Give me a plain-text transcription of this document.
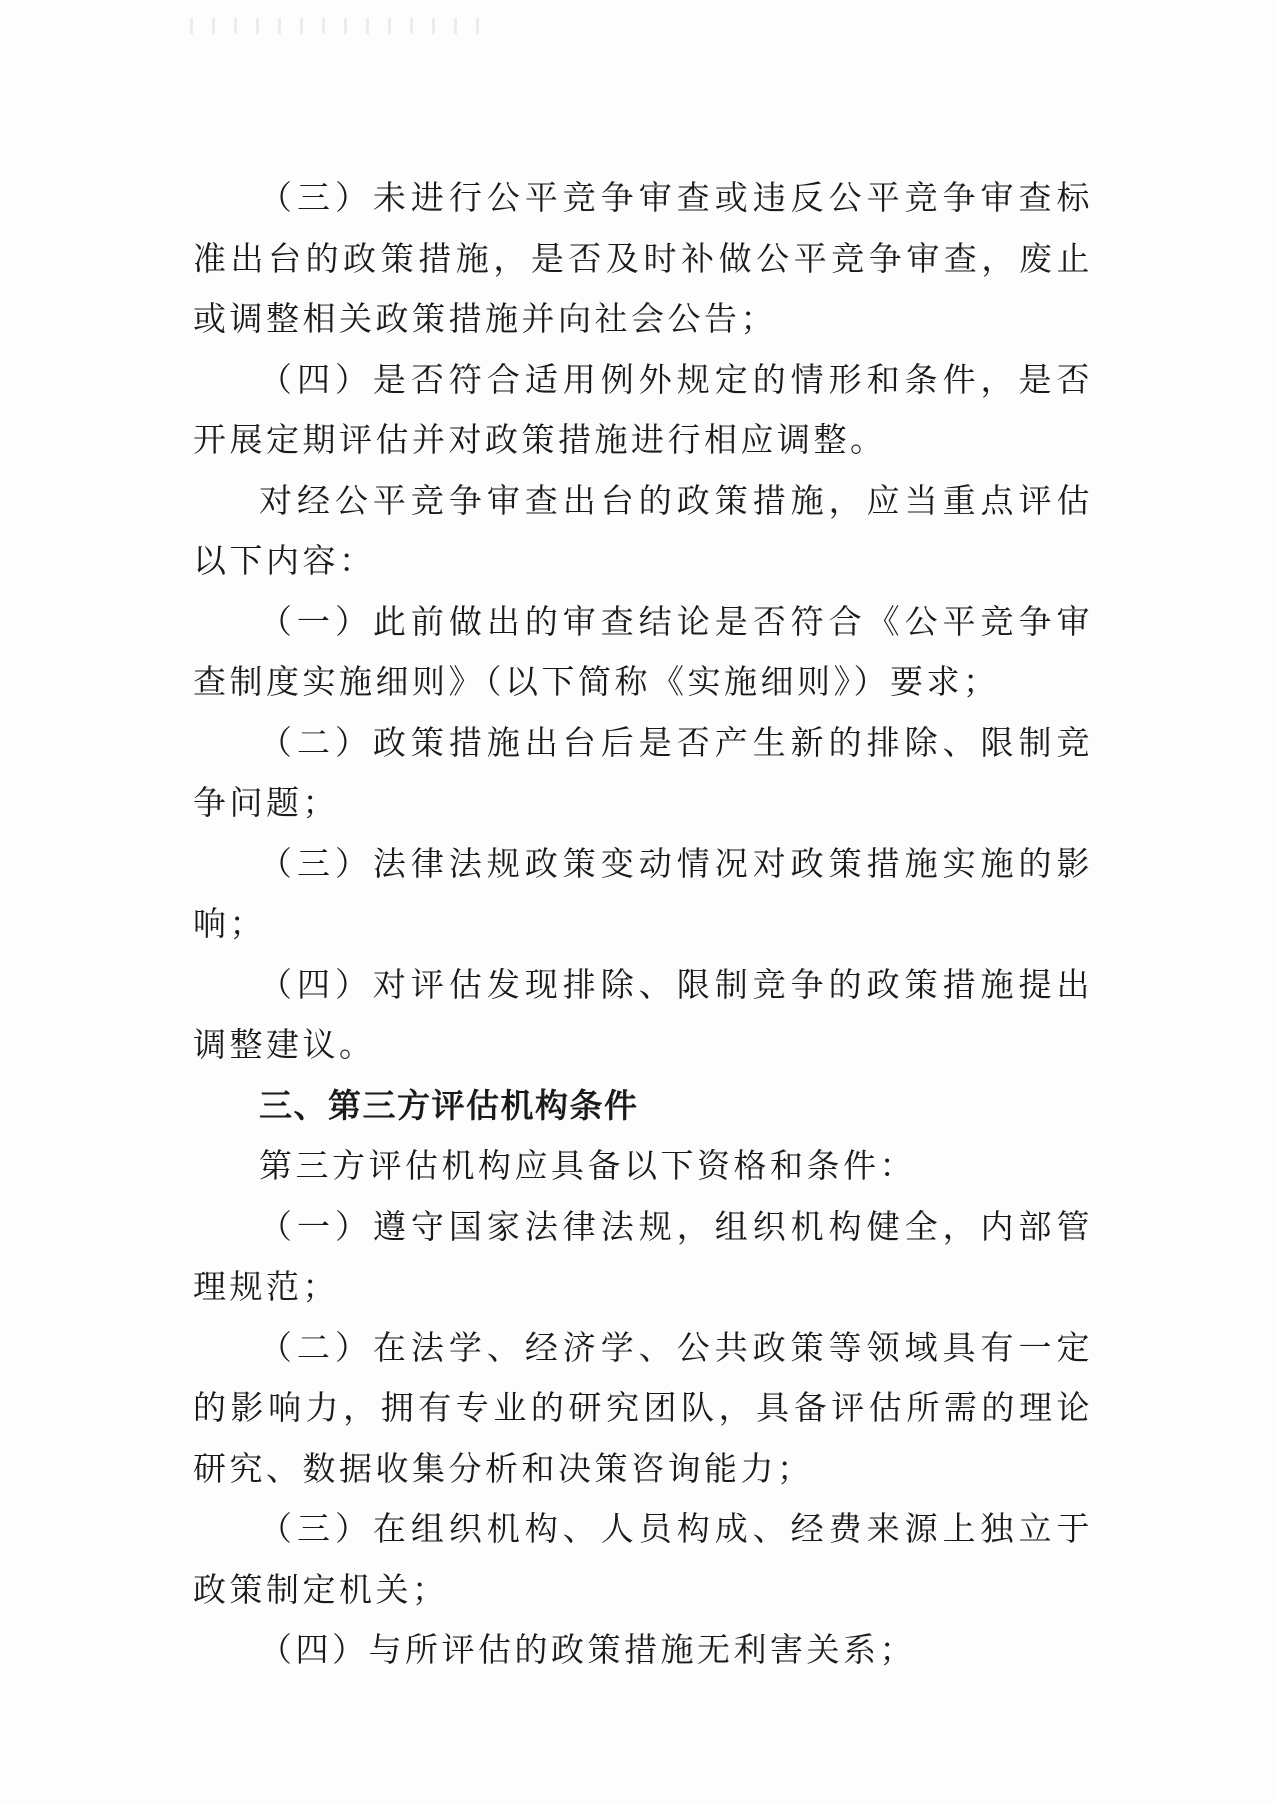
（三）未进行公平竞争审查或违反公平竞争审查标准出台的政策措施，是否及时补做公平竞争审查，废止或调整相关政策措施并向社会公告；

（四）是否符合适用例外规定的情形和条件，是否开展定期评估并对政策措施进行相应调整。

对经公平竞争审查出台的政策措施，应当重点评估以下内容：

（一）此前做出的审查结论是否符合《公平竞争审查制度实施细则》（以下简称《实施细则》）要求；

（二）政策措施出台后是否产生新的排除、限制竞争问题；

（三）法律法规政策变动情况对政策措施实施的影响；

（四）对评估发现排除、限制竞争的政策措施提出调整建议。

三、第三方评估机构条件

第三方评估机构应具备以下资格和条件：

（一）遵守国家法律法规，组织机构健全，内部管理规范；

（二）在法学、经济学、公共政策等领域具有一定的影响力，拥有专业的研究团队，具备评估所需的理论研究、数据收集分析和决策咨询能力；

（三）在组织机构、人员构成、经费来源上独立于政策制定机关；

（四）与所评估的政策措施无利害关系；
